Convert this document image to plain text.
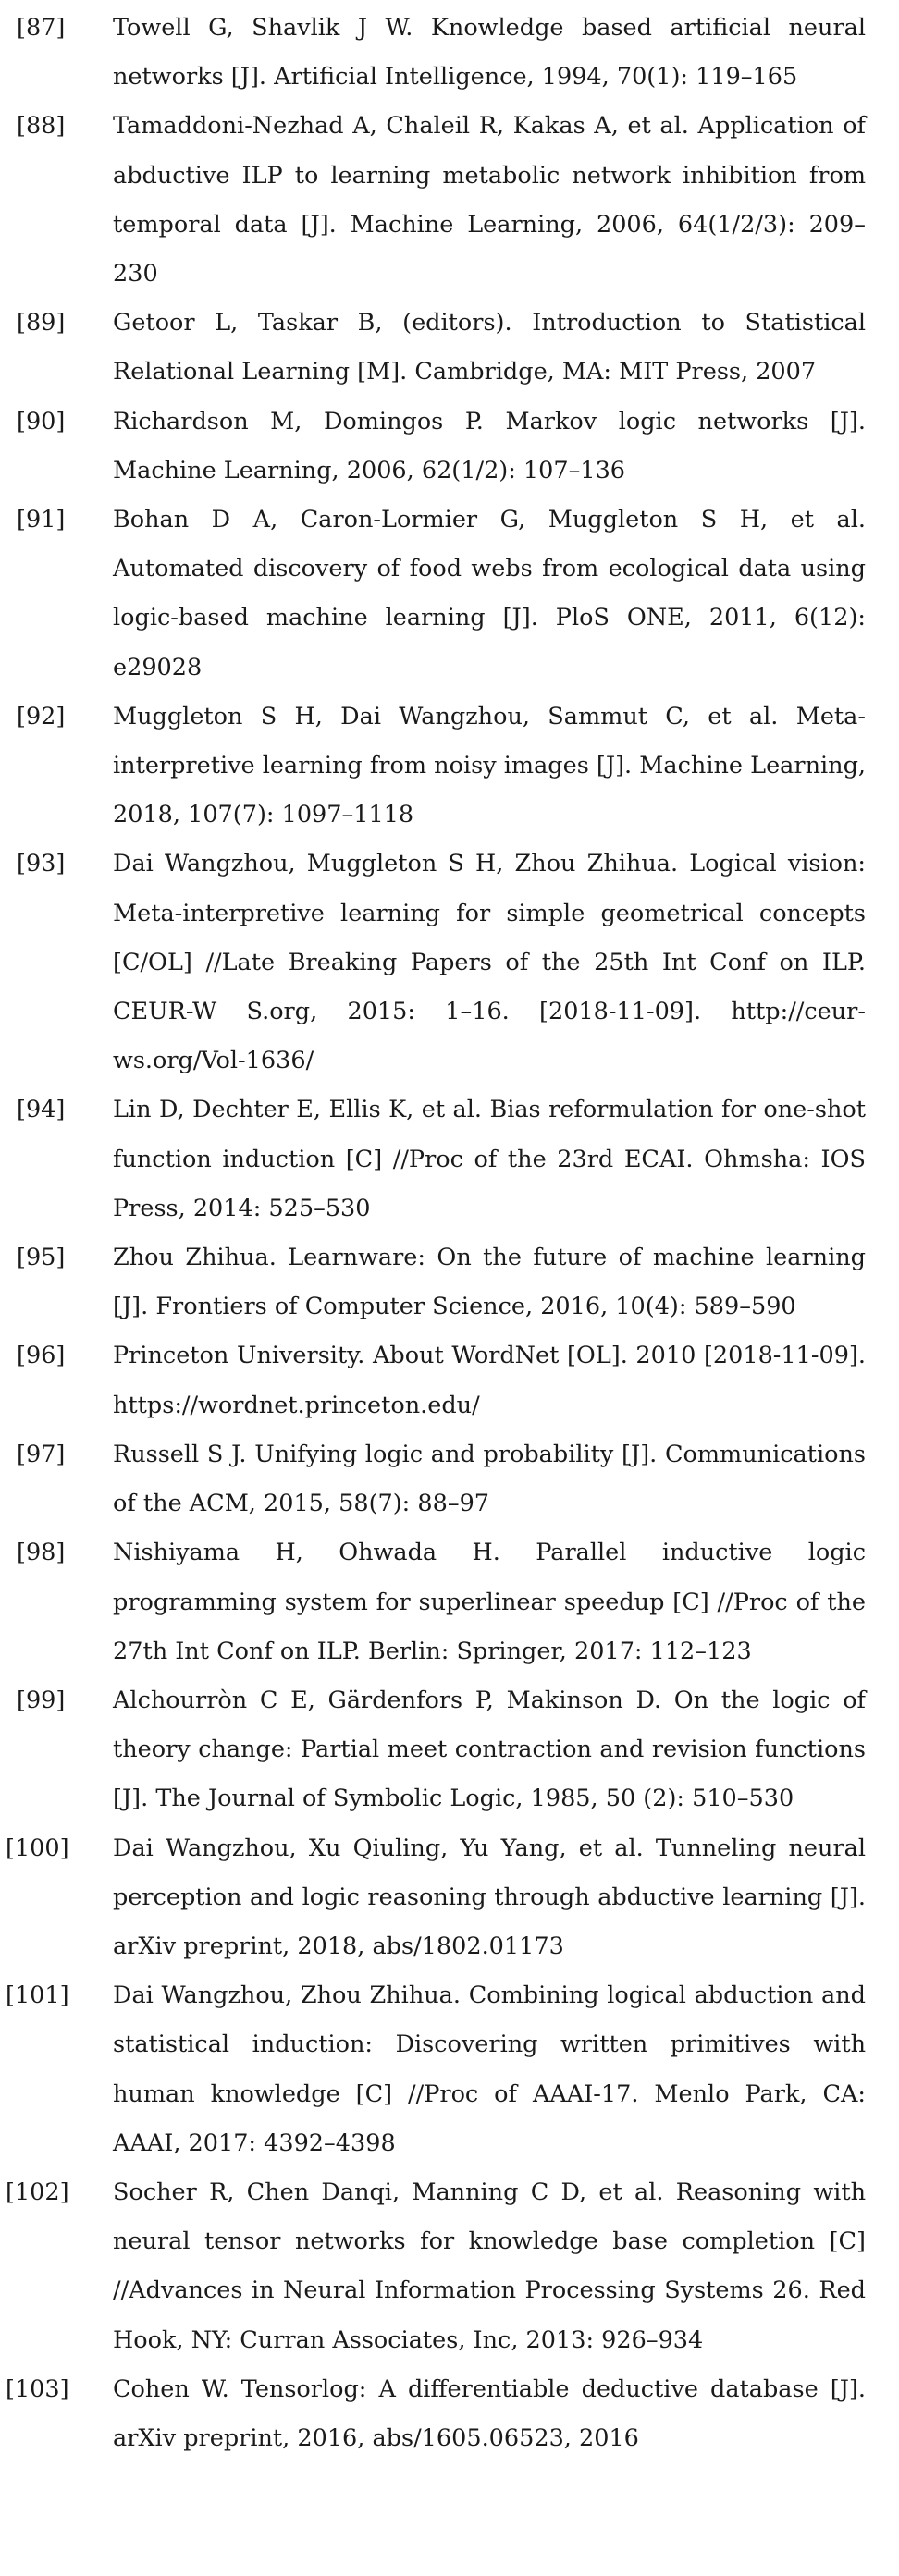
[87]	Towell G, Shavlik J W. Knowledge based artificial neural networks [J]. Artificial Intelligence, 1994, 70(1): 119–165
[88]	Tamaddoni-Nezhad A, Chaleil R, Kakas A, et al. Application of abductive ILP to learning metabolic network inhibition from temporal data [J]. Machine Learning, 2006, 64(1/2/3): 209–230
[89]	Getoor L, Taskar B, (editors). Introduction to Statistical Relational Learning [M]. Cambridge, MA: MIT Press, 2007
[90]	Richardson M, Domingos P. Markov logic networks [J]. Machine Learning, 2006, 62(1/2): 107–136
[91]	Bohan D A, Caron-Lormier G, Muggleton S H, et al. Automated discovery of food webs from ecological data using logic-based machine learning [J]. PloS ONE, 2011, 6(12): e29028
[92]	Muggleton S H, Dai Wangzhou, Sammut C, et al. Meta-interpretive learning from noisy images [J]. Machine Learning, 2018, 107(7): 1097–1118
[93]	Dai Wangzhou, Muggleton S H, Zhou Zhihua. Logical vision: Meta-interpretive learning for simple geometrical concepts [C/OL] //Late Breaking Papers of the 25th Int Conf on ILP. CEUR-W S.org, 2015: 1–16. [2018-11-09]. http://ceur-ws.org/Vol-1636/
[94]	Lin D, Dechter E, Ellis K, et al. Bias reformulation for one-shot function induction [C] //Proc of the 23rd ECAI. Ohmsha: IOS Press, 2014: 525–530
[95]	Zhou Zhihua. Learnware: On the future of machine learning [J]. Frontiers of Computer Science, 2016, 10(4): 589–590
[96]	Princeton University. About WordNet [OL]. 2010 [2018-11-09]. https://wordnet.princeton.edu/
[97]	Russell S J. Unifying logic and probability [J]. Communications of the ACM, 2015, 58(7): 88–97
[98]	Nishiyama H, Ohwada H. Parallel inductive logic programming system for superlinear speedup [C] //Proc of the 27th Int Conf on ILP. Berlin: Springer, 2017: 112–123
[99]	Alchourròn C E, Gärdenfors P, Makinson D. On the logic of theory change: Partial meet contraction and revision functions [J]. The Journal of Symbolic Logic, 1985, 50 (2): 510–530
[100]	Dai Wangzhou, Xu Qiuling, Yu Yang, et al. Tunneling neural perception and logic reasoning through abductive learning [J]. arXiv preprint, 2018, abs/1802.01173
[101]	Dai Wangzhou, Zhou Zhihua. Combining logical abduction and statistical induction: Discovering written primitives with human knowledge [C] //Proc of AAAI-17. Menlo Park, CA: AAAI, 2017: 4392–4398
[102]	Socher R, Chen Danqi, Manning C D, et al. Reasoning with neural tensor networks for knowledge base completion [C] //Advances in Neural Information Processing Systems 26. Red Hook, NY: Curran Associates, Inc, 2013: 926–934
[103]	Cohen W. Tensorlog: A differentiable deductive database [J]. arXiv preprint, 2016, abs/1605.06523, 2016
